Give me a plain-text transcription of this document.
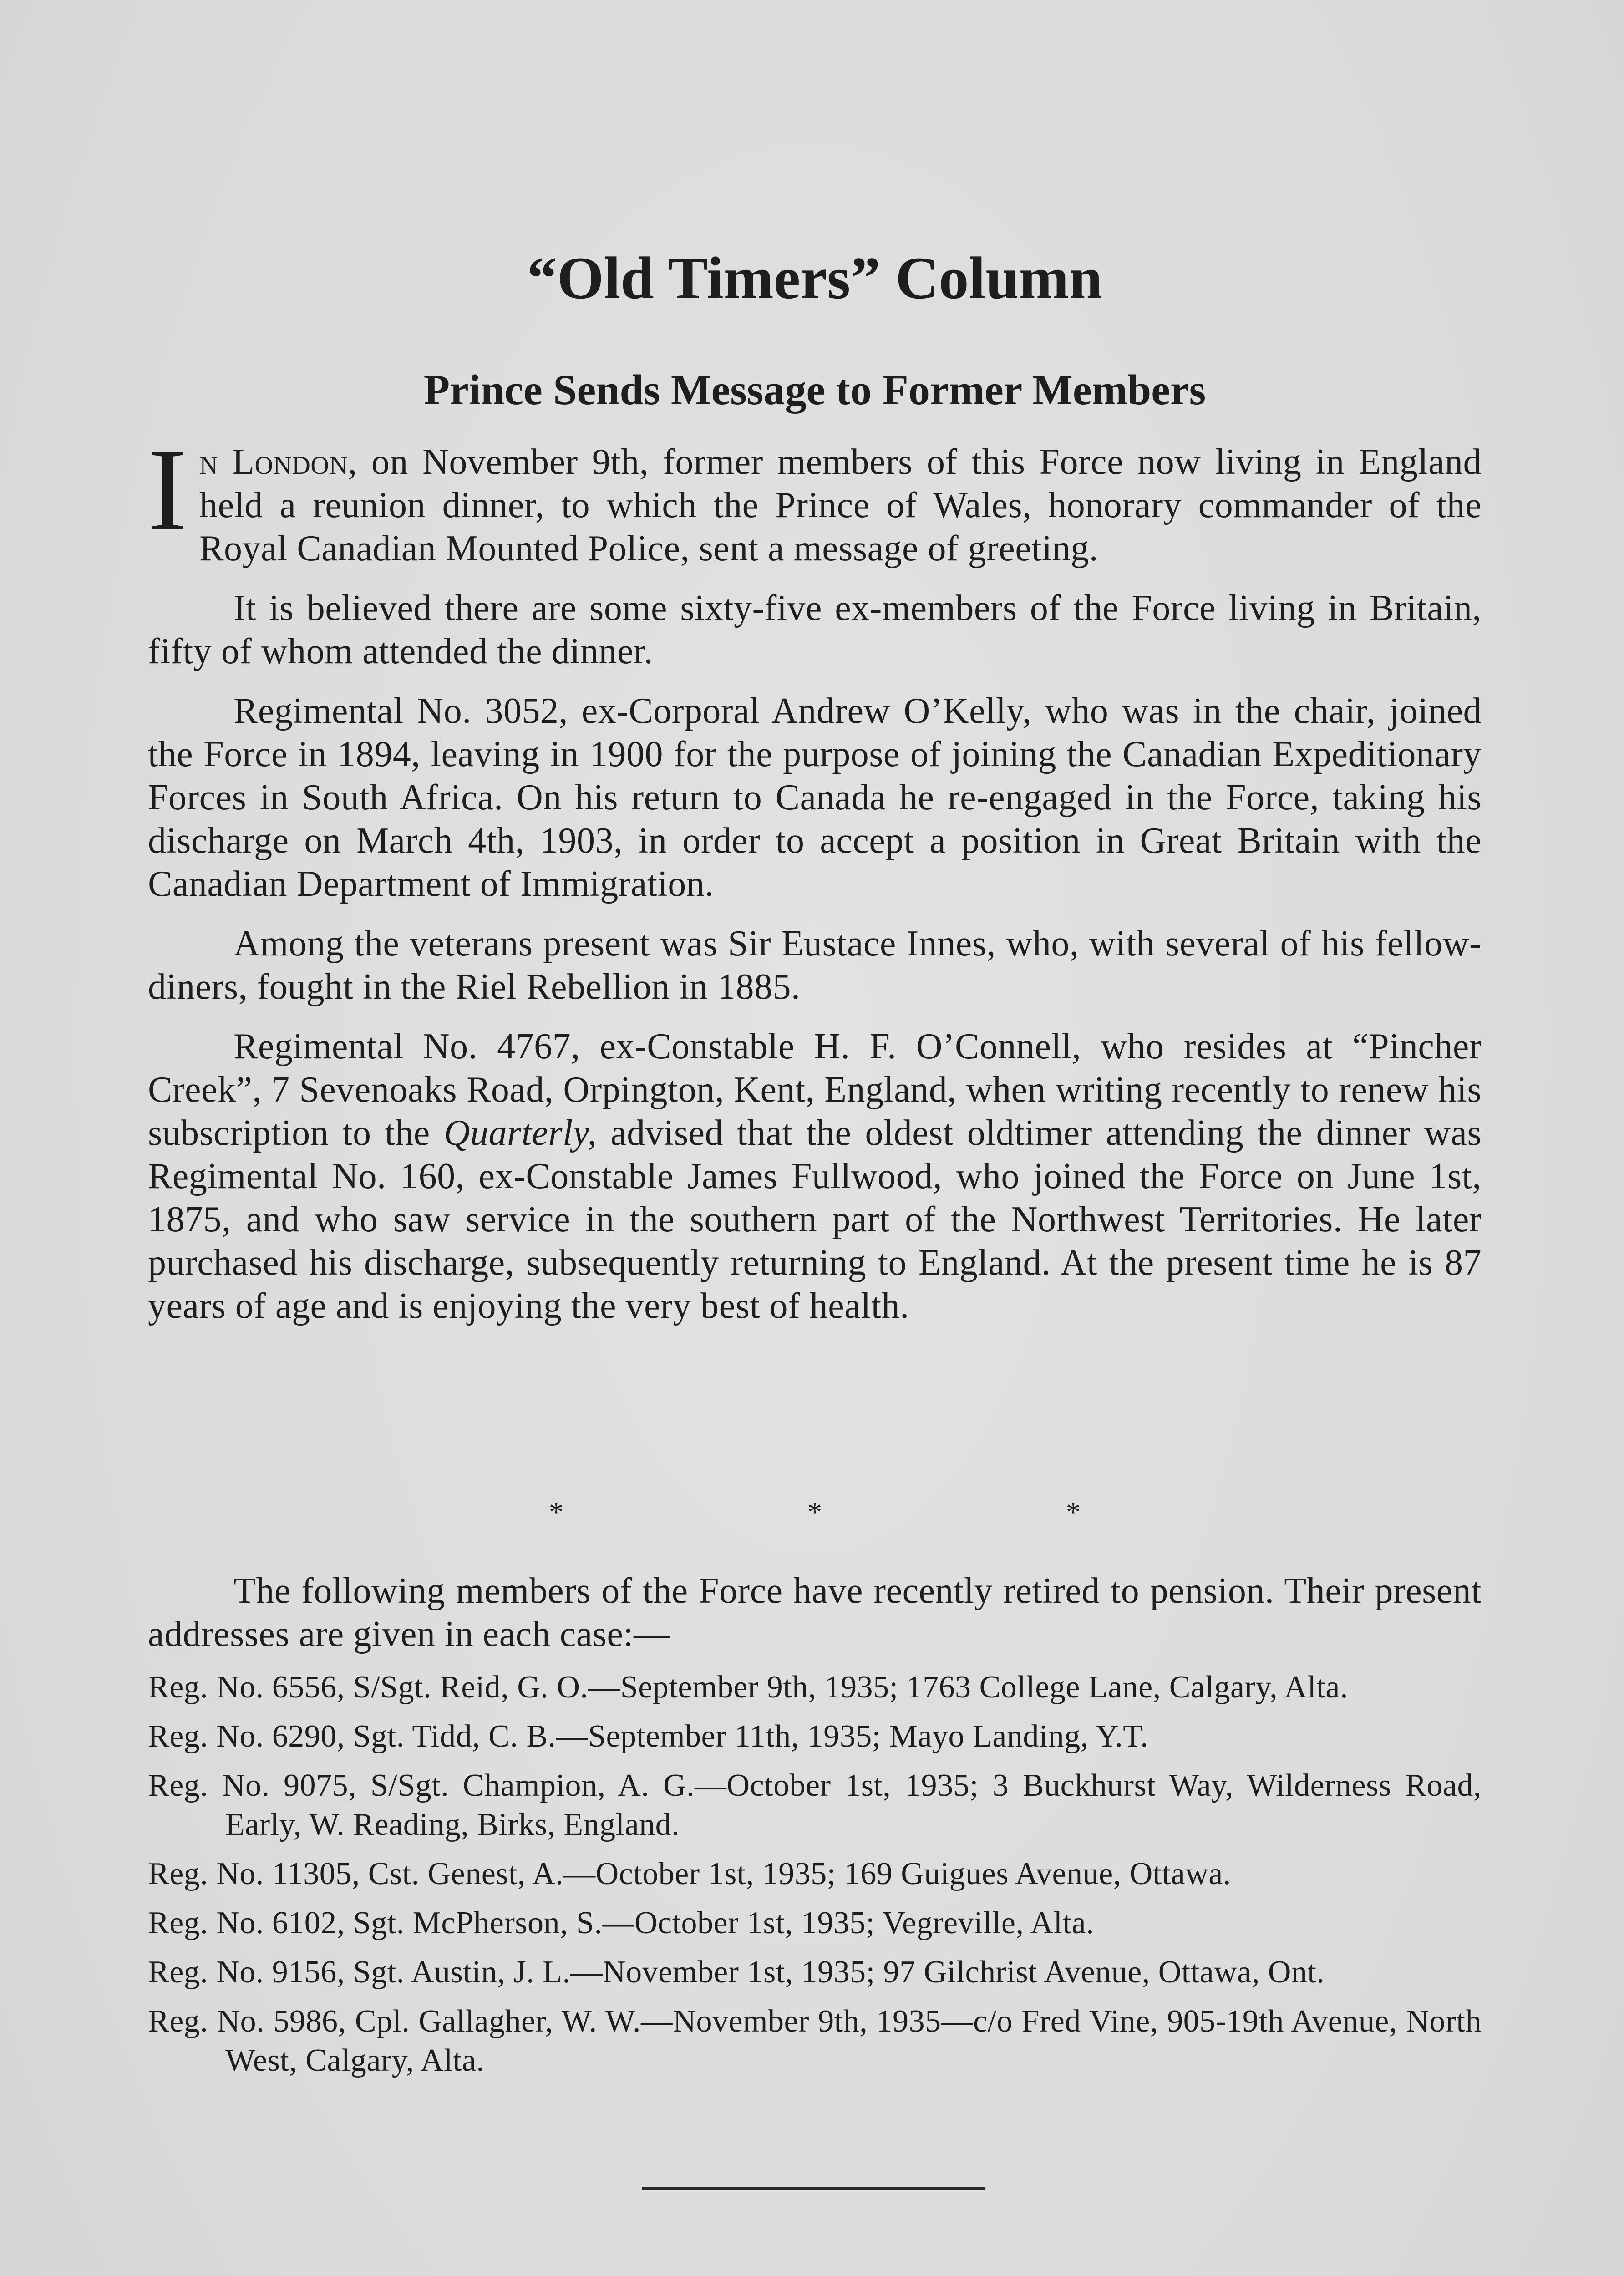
“Old Timers” Column
Prince Sends Message to Former Members

In London, on November 9th, former members of this Force now living in England held a reunion dinner, to which the Prince of Wales, honorary commander of the Royal Canadian Mounted Police, sent a message of greeting.

It is believed there are some sixty-five ex-members of the Force living in Britain, fifty of whom attended the dinner.

Regimental No. 3052, ex-Corporal Andrew O’Kelly, who was in the chair, joined the Force in 1894, leaving in 1900 for the purpose of joining the Canadian Expeditionary Forces in South Africa. On his return to Canada he re-engaged in the Force, taking his discharge on March 4th, 1903, in order to accept a position in Great Britain with the Canadian Department of Immigration.

Among the veterans present was Sir Eustace Innes, who, with several of his fellow-diners, fought in the Riel Rebellion in 1885.

Regimental No. 4767, ex-Constable H. F. O’Connell, who resides at “Pincher Creek”, 7 Sevenoaks Road, Orpington, Kent, England, when writing recently to renew his subscription to the Quarterly, advised that the oldest oldtimer attending the dinner was Regimental No. 160, ex-Constable James Fullwood, who joined the Force on June 1st, 1875, and who saw service in the southern part of the Northwest Territories. He later purchased his discharge, subsequently returning to England. At the present time he is 87 years of age and is enjoying the very best of health.

* * *

The following members of the Force have recently retired to pension. Their present addresses are given in each case:—

Reg. No. 6556, S/Sgt. Reid, G. O.—September 9th, 1935; 1763 College Lane, Calgary, Alta.
Reg. No. 6290, Sgt. Tidd, C. B.—September 11th, 1935; Mayo Landing, Y.T.
Reg. No. 9075, S/Sgt. Champion, A. G.—October 1st, 1935; 3 Buckhurst Way, Wilderness Road, Early, W. Reading, Birks, England.
Reg. No. 11305, Cst. Genest, A.—October 1st, 1935; 169 Guigues Avenue, Ottawa.
Reg. No. 6102, Sgt. McPherson, S.—October 1st, 1935; Vegreville, Alta.
Reg. No. 9156, Sgt. Austin, J. L.—November 1st, 1935; 97 Gilchrist Avenue, Ottawa, Ont.
Reg. No. 5986, Cpl. Gallagher, W. W.—November 9th, 1935—c/o Fred Vine, 905-19th Avenue, North West, Calgary, Alta.
